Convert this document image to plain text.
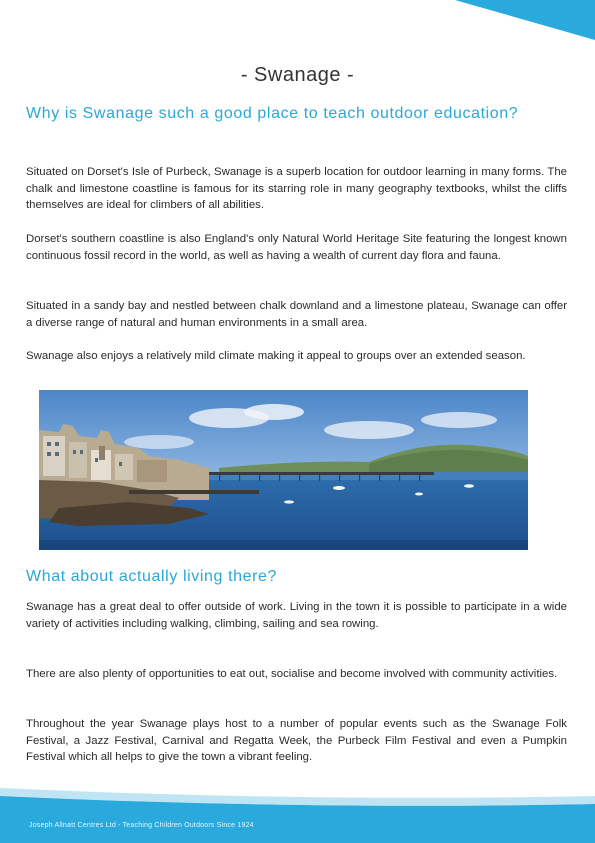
- Swanage -
Why is Swanage such a good place to teach outdoor education?

Situated on Dorset's Isle of Purbeck, Swanage is a superb location for outdoor learning in many forms. The chalk and limestone coastline is famous for its starring role in many geography textbooks, whilst the cliffs themselves are ideal for climbers of all abilities.

Dorset's southern coastline is also England's only Natural World Heritage Site featuring the longest known continuous fossil record in the world, as well as having a wealth of current day flora and fauna.

Situated in a sandy bay and nestled between chalk downland and a limestone plateau, Swanage can offer a diverse range of natural and human environments in a small area.

Swanage also enjoys a relatively mild climate making it appeal to groups over an extended season.

What about actually living there?

Swanage has a great deal to offer outside of work. Living in the town it is possible to participate in a wide variety of activities including walking, climbing, sailing and sea rowing.

There are also plenty of opportunities to eat out, socialise and become involved with community activities.

Throughout the year Swanage plays host to a number of popular events such as the Swanage Folk Festival, a Jazz Festival, Carnival and Regatta Week, the Purbeck Film Festival and even a Pumpkin Festival which all helps to give the town a vibrant feeling.

Joseph Allnatt Centres Ltd - Teaching Children Outdoors Since 1924
